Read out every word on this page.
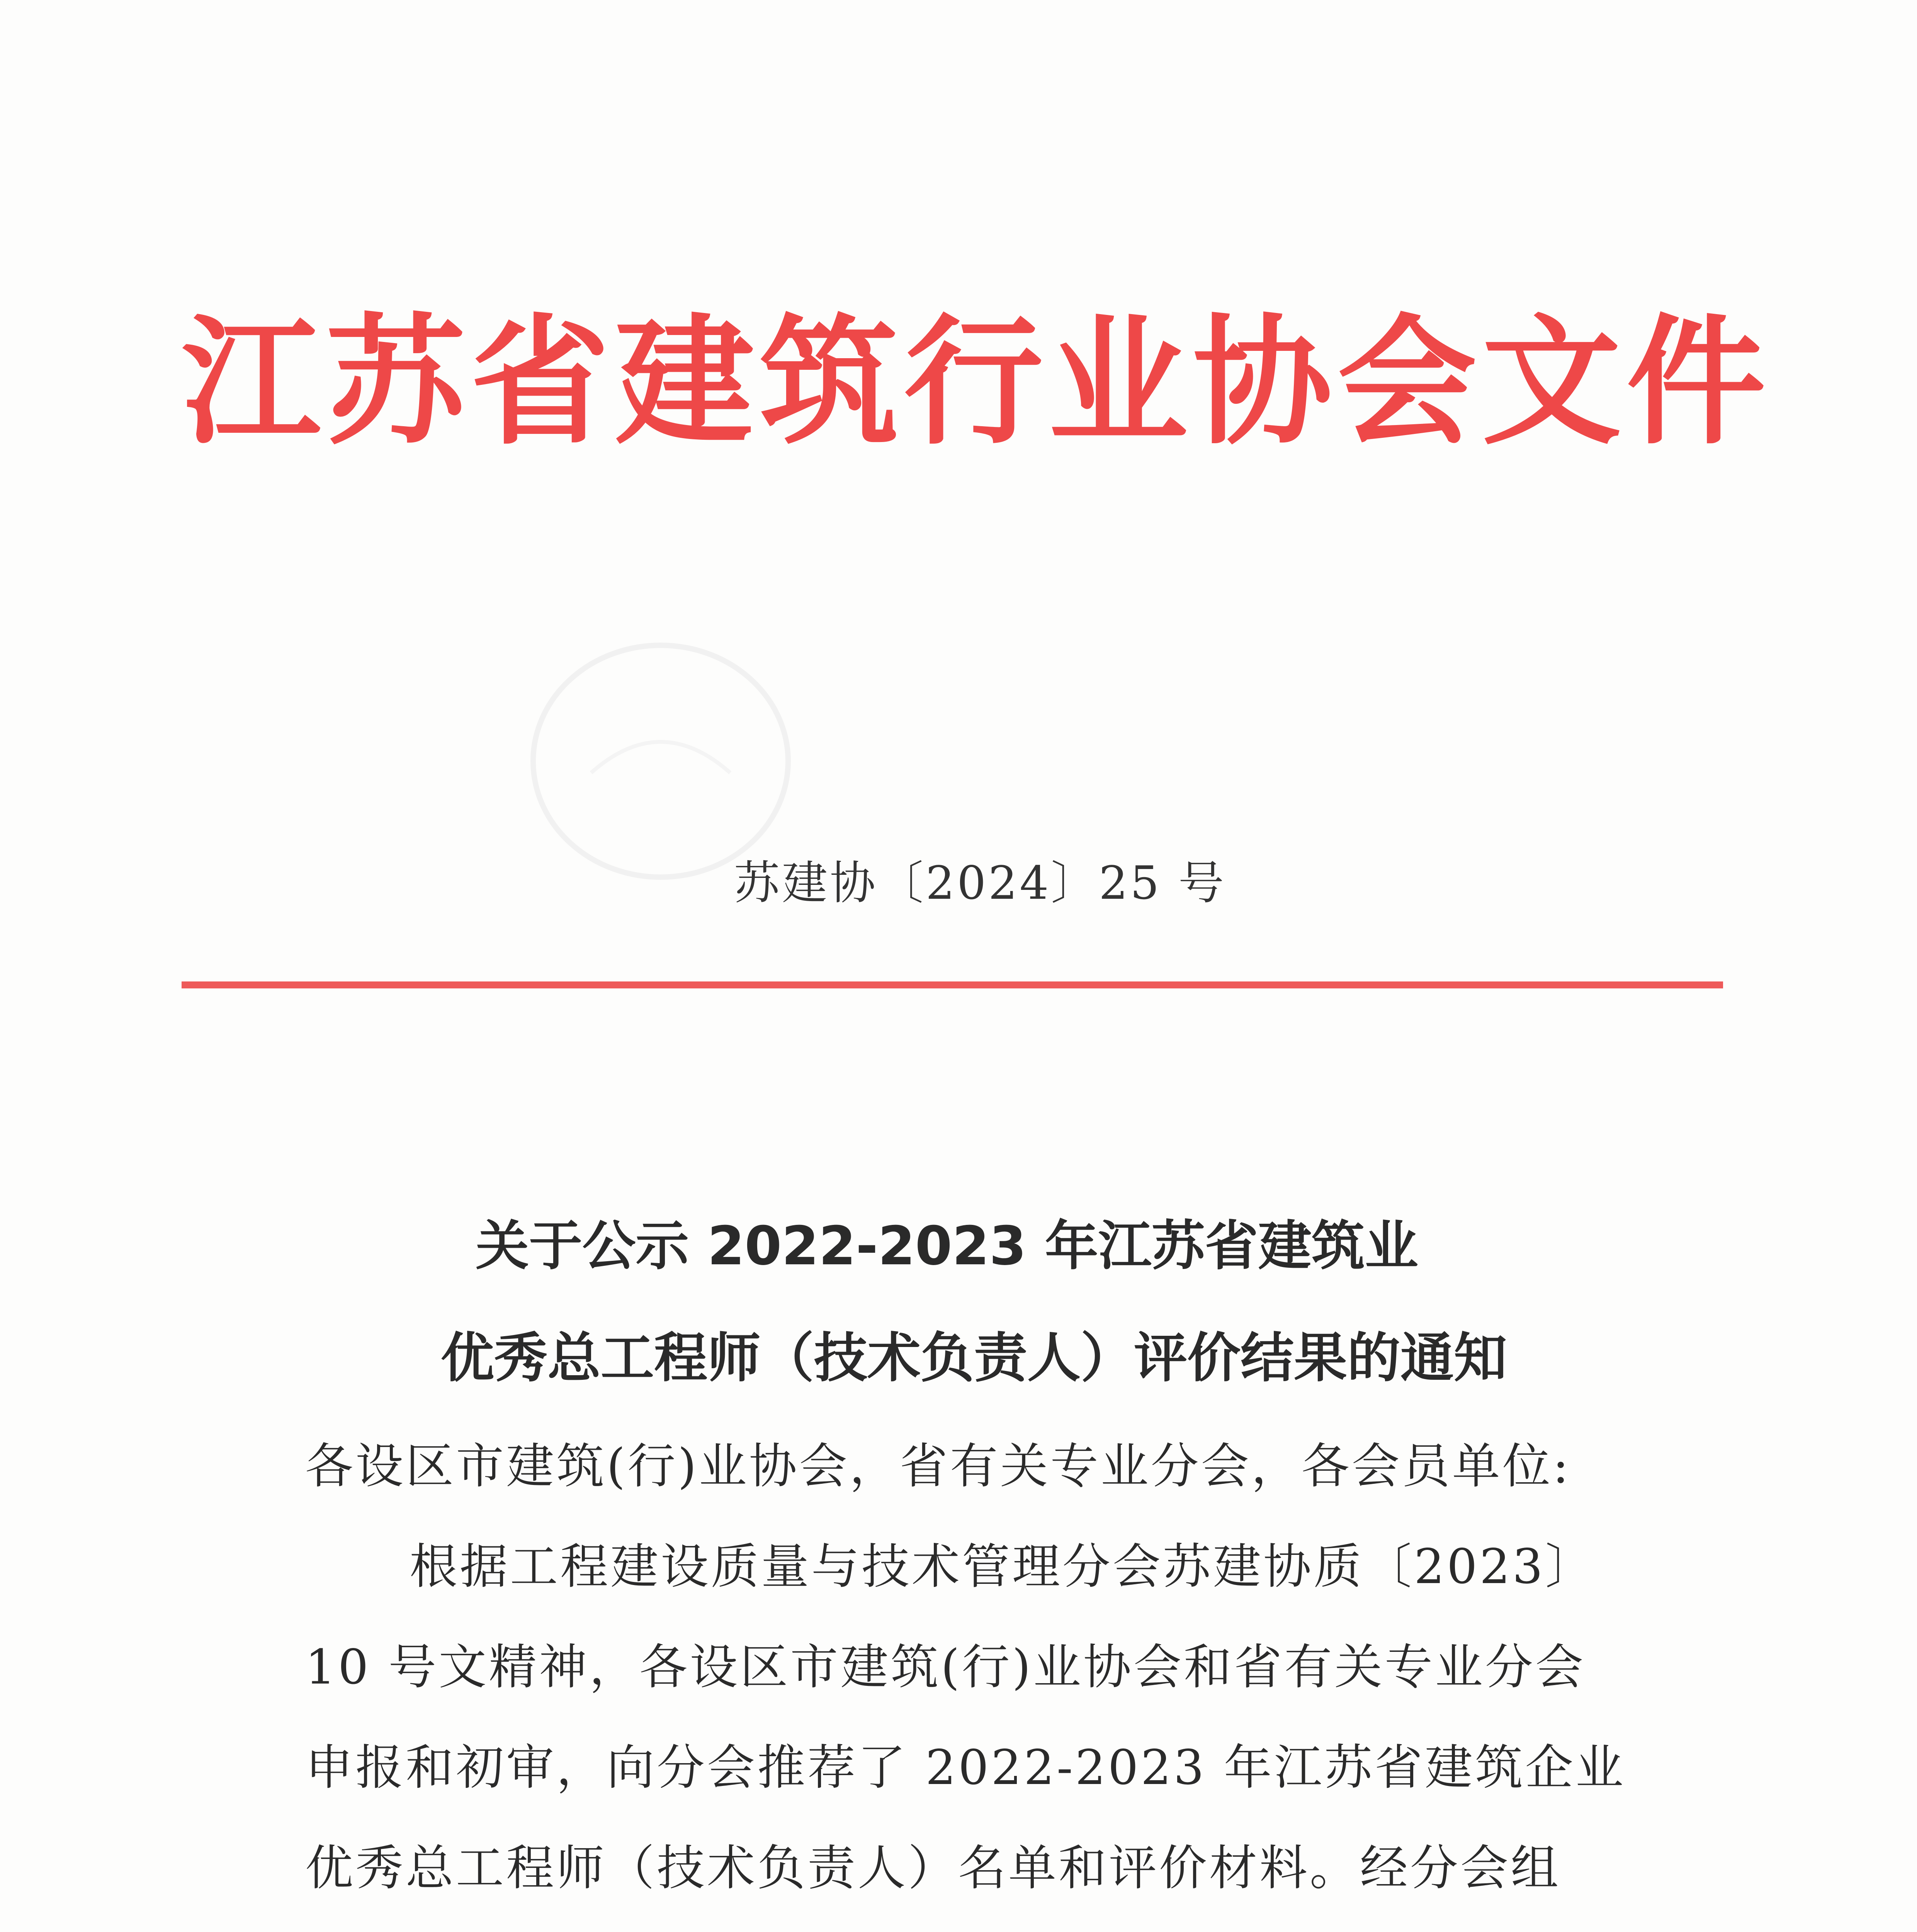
江苏省建筑行业协会文件
苏建协〔2024〕25 号
关于公示 2022-2023 年江苏省建筑业
优秀总工程师（技术负责人）评价结果的通知
各设区市建筑(行)业协会，省有关专业分会，各会员单位:
根据工程建设质量与技术管理分会苏建协质〔2023〕
10 号文精神，各设区市建筑(行)业协会和省有关专业分会
申报和初审，向分会推荐了 2022-2023 年江苏省建筑企业
优秀总工程师（技术负责人）名单和评价材料。经分会组
